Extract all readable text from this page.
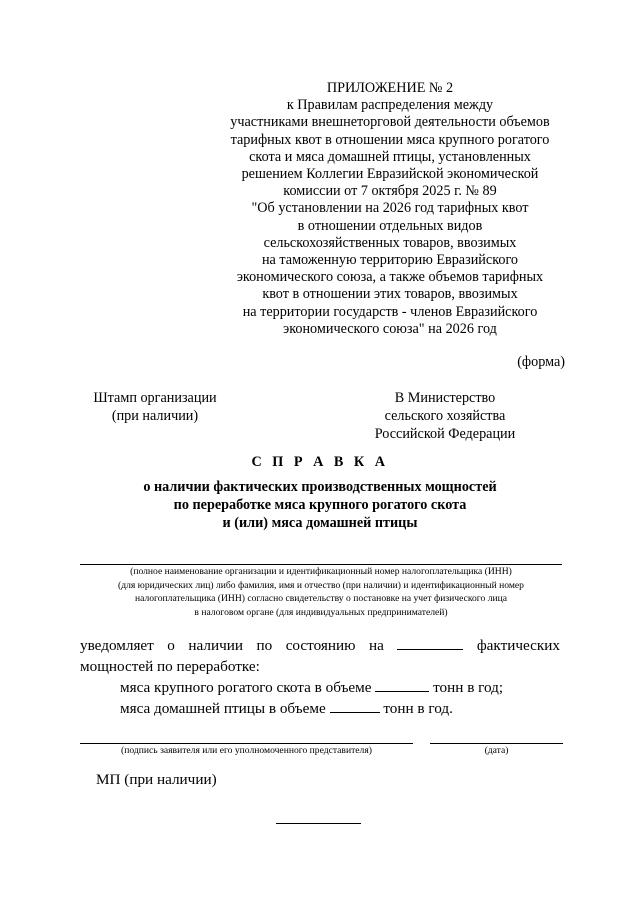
ПРИЛОЖЕНИЕ № 2
к Правилам распределения между
участниками внешнеторговой деятельности объемов
тарифных квот в отношении мяса крупного рогатого
скота и мяса домашней птицы, установленных
решением Коллегии Евразийской экономической
комиссии от 7 октября 2025 г. № 89
"Об установлении на 2026 год тарифных квот
в отношении отдельных видов
сельскохозяйственных товаров, ввозимых
на таможенную территорию Евразийского
экономического союза, а также объемов тарифных
квот в отношении этих товаров, ввозимых
на территории государств - членов Евразийского
экономического союза" на 2026 год
(форма)
Штамп организации
(при наличии)
В Министерство
сельского хозяйства
Российской Федерации
С П Р А В К А
о наличии фактических производственных мощностей
по переработке мяса крупного рогатого скота
и (или) мяса домашней птицы
(полное наименование организации и идентификационный номер налогоплательщика (ИНН)
(для юридических лиц) либо фамилия, имя и отчество (при наличии) и идентификационный номер
налогоплательщика (ИНН) согласно свидетельству о постановке на учет физического лица
в налоговом органе (для индивидуальных предпринимателей)
уведомляет о наличии по состоянию на	фактических
мощностей по переработке:
мяса крупного рогатого скота в объеме	тонн в год;
мяса домашней птицы в объеме	тонн в год.
(подпись заявителя или его уполномоченного представителя)	(дата)
МП (при наличии)
